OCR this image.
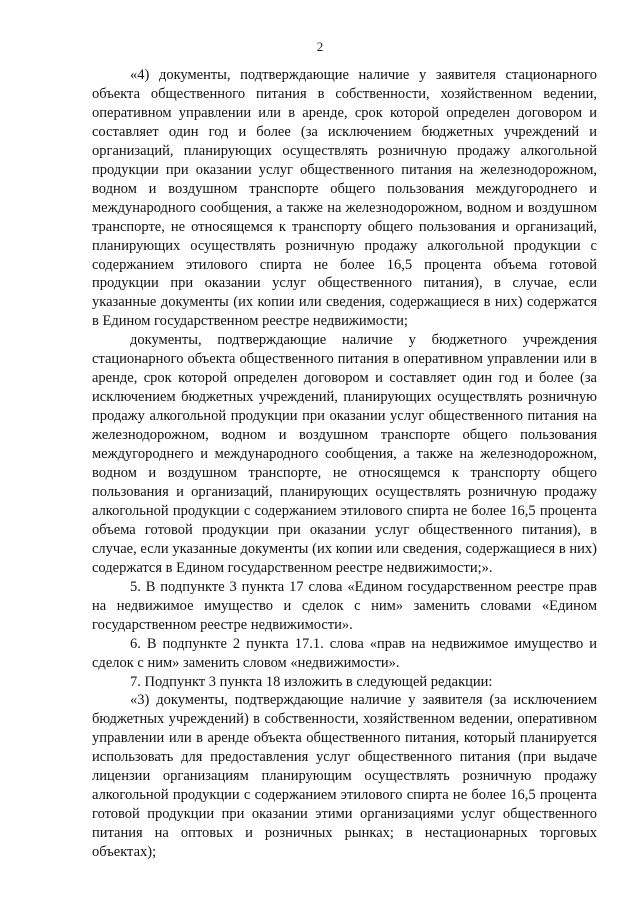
2

«4) документы, подтверждающие наличие у заявителя стационарного объекта общественного питания в собственности, хозяйственном ведении, оперативном управлении или в аренде, срок которой определен договором и составляет один год и более (за исключением бюджетных учреждений и организаций, планирующих осуществлять розничную продажу алкогольной продукции при оказании услуг общественного питания на железнодорожном, водном и воздушном транспорте общего пользования междугороднего и международного сообщения, а также на железнодорожном, водном и воздушном транспорте, не относящемся к транспорту общего пользования и организаций, планирующих осуществлять розничную продажу алкогольной продукции с содержанием этилового спирта не более 16,5 процента объема готовой продукции при оказании услуг общественного питания), в случае, если указанные документы (их копии или сведения, содержащиеся в них) содержатся в Едином государственном реестре недвижимости;

документы, подтверждающие наличие у бюджетного учреждения стационарного объекта общественного питания в оперативном управлении или в аренде, срок которой определен договором и составляет один год и более (за исключением бюджетных учреждений, планирующих осуществлять розничную продажу алкогольной продукции при оказании услуг общественного питания на железнодорожном, водном и воздушном транспорте общего пользования междугороднего и международного сообщения, а также на железнодорожном, водном и воздушном транспорте, не относящемся к транспорту общего пользования и организаций, планирующих осуществлять розничную продажу алкогольной продукции с содержанием этилового спирта не более 16,5 процента объема готовой продукции при оказании услуг общественного питания), в случае, если указанные документы (их копии или сведения, содержащиеся в них) содержатся в Едином государственном реестре недвижимости;».

5. В подпункте 3 пункта 17 слова «Едином государственном реестре прав на недвижимое имущество и сделок с ним» заменить словами «Едином государственном реестре недвижимости».

6. В подпункте 2 пункта 17.1. слова «прав на недвижимое имущество и сделок с ним» заменить словом «недвижимости».

7. Подпункт 3 пункта 18 изложить в следующей редакции:

«3) документы, подтверждающие наличие у заявителя (за исключением бюджетных учреждений) в собственности, хозяйственном ведении, оперативном управлении или в аренде объекта общественного питания, который планируется использовать для предоставления услуг общественного питания (при выдаче лицензии организациям планирующим осуществлять розничную продажу алкогольной продукции с содержанием этилового спирта не более 16,5 процента готовой продукции при оказании этими организациями услуг общественного питания на оптовых и розничных рынках; в нестационарных торговых объектах);
